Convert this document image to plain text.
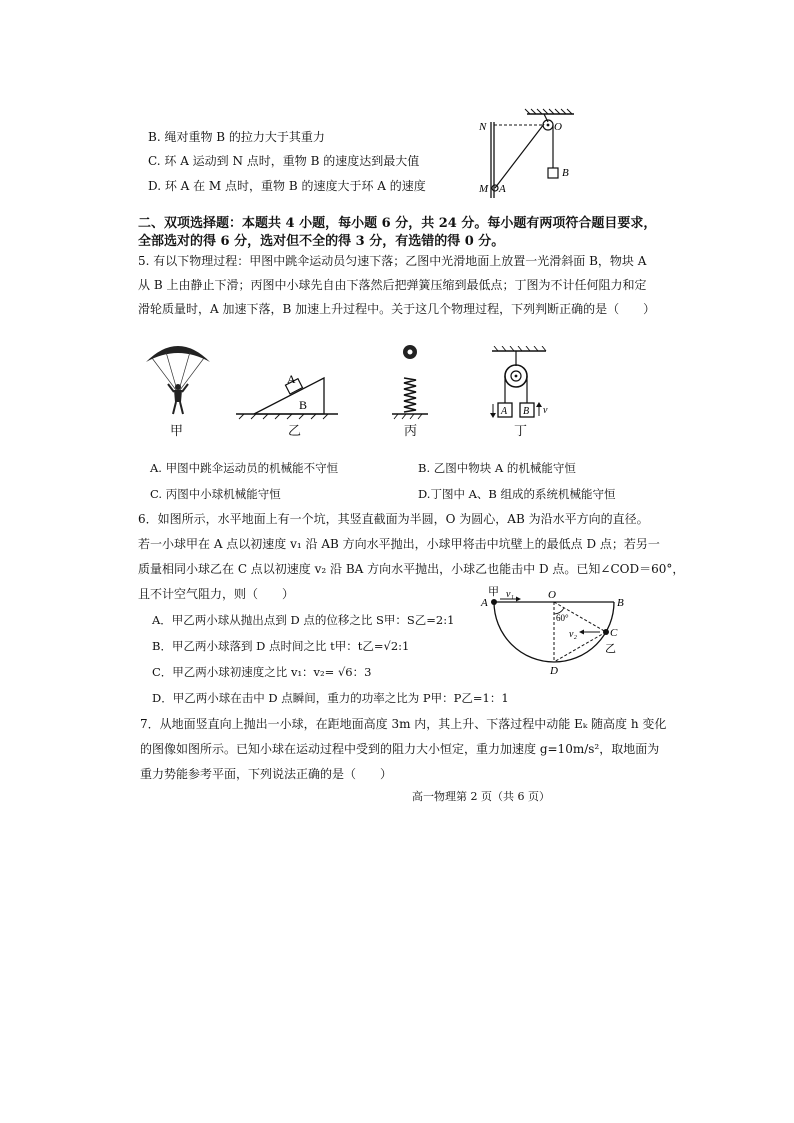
B. 绳对重物 B 的拉力大于其重力
C. 环 A 运动到 N 点时，重物 B 的速度达到最大值
D. 环 A 在 M 点时，重物 B 的速度大于环 A 的速度
N	O
M A
B
二、双项选择题：本题共 4 小题，每小题 6 分，共 24 分。每小题有两项符合题目要求，
全部选对的得 6 分，选对但不全的得 3 分，有选错的得 0 分。
5. 有以下物理过程：甲图中跳伞运动员匀速下落；乙图中光滑地面上放置一光滑斜面 B，物块 A
从 B 上由静止下滑；丙图中小球先自由下落然后把弹簧压缩到最低点；丁图为不计任何阻力和定
滑轮质量时，A 加速下落，B 加速上升过程中。关于这几个物理过程，下列判断正确的是（　　）
甲
A
B
乙	丙
A B v
丁
A. 甲图中跳伞运动员的机械能不守恒	B. 乙图中物块 A 的机械能守恒
C. 丙图中小球机械能守恒	D.丁图中 A、B 组成的系统机械能守恒
6．如图所示，水平地面上有一个坑，其竖直截面为半圆，O 为圆心，AB 为沿水平方向的直径。
若一小球甲在 A 点以初速度 v₁ 沿 AB 方向水平抛出，小球甲将击中坑壁上的最低点 D 点；若另一
质量相同小球乙在 C 点以初速度 v₂ 沿 BA 方向水平抛出，小球乙也能击中 D 点。已知∠COD＝60°，
且不计空气阻力，则（　　）
A．甲乙两小球从抛出点到 D 点的位移之比 S甲：S乙=2:1
B．甲乙两小球落到 D 点时间之比 t甲：t乙=√2:1
C．甲乙两小球初速度之比 v₁：v₂= √6：3
D．甲乙两小球在击中 D 点瞬间，重力的功率之比为 P甲：P乙=1：1
甲
A
v₁	O
B
60°
v₂	C
乙
D
7．从地面竖直向上抛出一小球，在距地面高度 3m 内，其上升、下落过程中动能 Eₖ 随高度 h 变化
的图像如图所示。已知小球在运动过程中受到的阻力大小恒定，重力加速度 g=10m/s²，取地面为
重力势能参考平面，下列说法正确的是（　　）
高一物理第 2 页（共 6 页）
